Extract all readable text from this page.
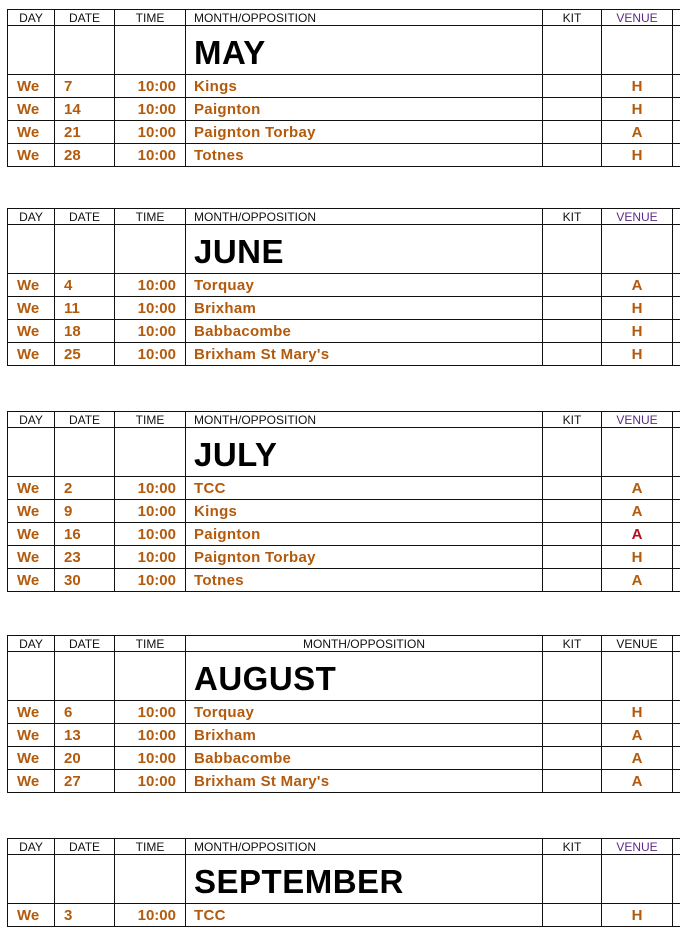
DAY	DATE	TIME	MONTH/OPPOSITION	KIT	VENUE	
			MAY			
We	7	10:00	Kings		H	
We	14	10:00	Paignton		H	
We	21	10:00	Paignton Torbay		A	
We	28	10:00	Totnes		H	
DAY	DATE	TIME	MONTH/OPPOSITION	KIT	VENUE	
			JUNE			
We	4	10:00	Torquay		A	
We	11	10:00	Brixham		H	
We	18	10:00	Babbacombe		H	
We	25	10:00	Brixham St Mary's		H	
DAY	DATE	TIME	MONTH/OPPOSITION	KIT	VENUE	
			JULY			
We	2	10:00	TCC		A	
We	9	10:00	Kings		A	
We	16	10:00	Paignton		A	
We	23	10:00	Paignton Torbay		H	
We	30	10:00	Totnes		A	
DAY	DATE	TIME	MONTH/OPPOSITION	KIT	VENUE	
			AUGUST			
We	6	10:00	Torquay		H	
We	13	10:00	Brixham		A	
We	20	10:00	Babbacombe		A	
We	27	10:00	Brixham St Mary's		A	
DAY	DATE	TIME	MONTH/OPPOSITION	KIT	VENUE	
			SEPTEMBER			
We	3	10:00	TCC		H	
